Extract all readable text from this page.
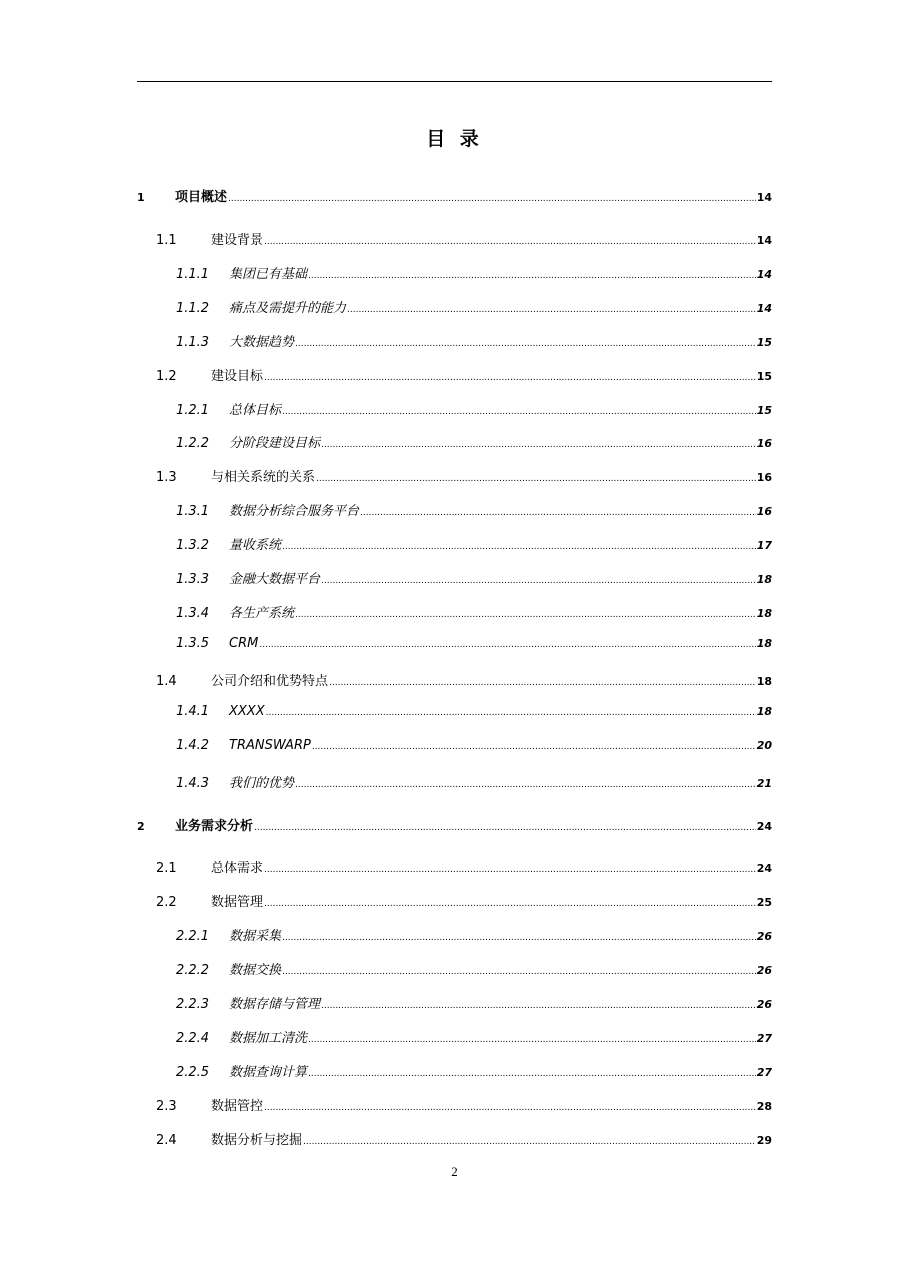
目 录
1	项目概述 .....	14
1.1	建设背景 .....	14
1.1.1	集团已有基础 .....	14
1.1.2	痛点及需提升的能力 .....	14
1.1.3	大数据趋势 .....	15
1.2	建设目标 .....	15
1.2.1	总体目标 .....	15
1.2.2	分阶段建设目标 .....	16
1.3	与相关系统的关系 .....	16
1.3.1	数据分析综合服务平台 .....	16
1.3.2	量收系统 .....	17
1.3.3	金融大数据平台 .....	18
1.3.4	各生产系统 .....	18
1.3.5	CRM .....	18
1.4	公司介绍和优势特点 .....	18
1.4.1	XXXX .....	18
1.4.2	TRANSWARP .....	20
1.4.3	我们的优势 .....	21
2	业务需求分析 .....	24
2.1	总体需求 .....	24
2.2	数据管理 .....	25
2.2.1	数据采集 .....	26
2.2.2	数据交换 .....	26
2.2.3	数据存储与管理 .....	26
2.2.4	数据加工清洗 .....	27
2.2.5	数据查询计算 .....	27
2.3	数据管控 .....	28
2.4	数据分析与挖掘 .....	29
2
